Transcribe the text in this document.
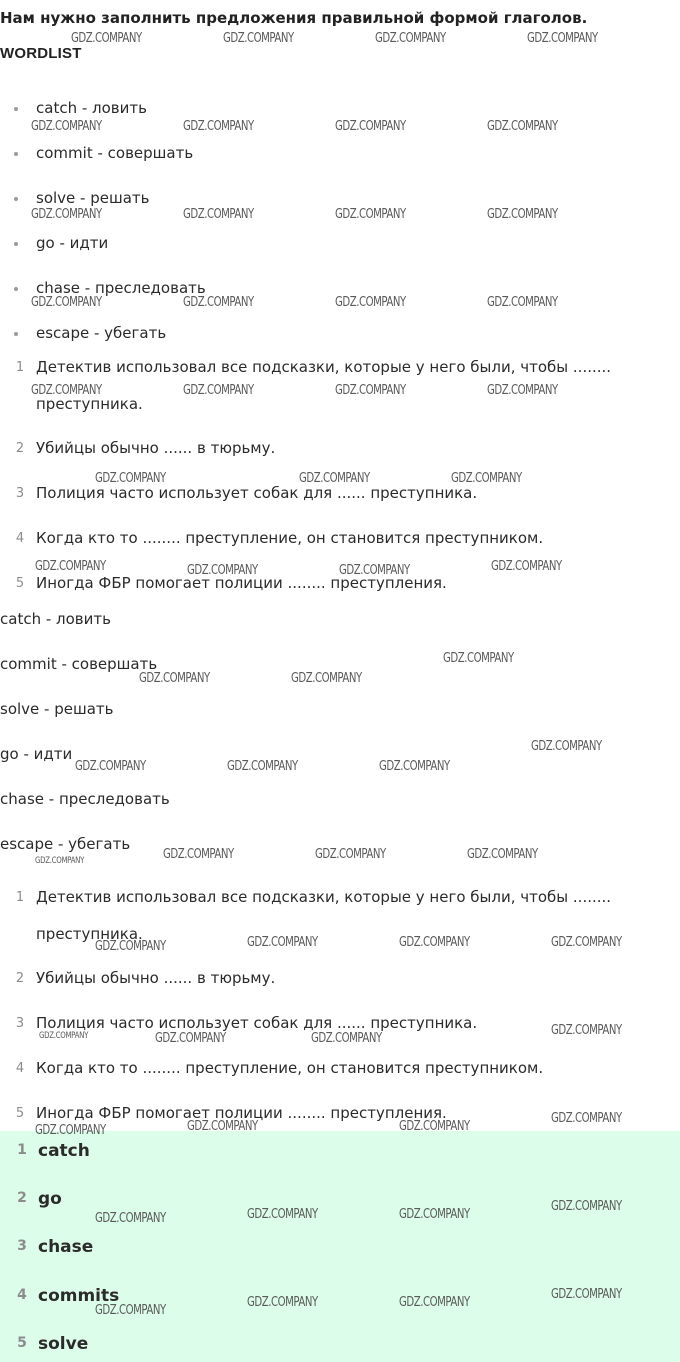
Нам нужно заполнить предложения правильной формой глаголов.
WORDLIST
catch - ловить
commit - совершать
solve - решать
go - идти
chase - преследовать
escape - убегать
1 Детектив использовал все подсказки, которые у него были, чтобы ........ преступника.
2 Убийцы обычно ...... в тюрьму.
3 Полиция часто использует собак для ...... преступника.
4 Когда кто то ........ преступление, он становится преступником.
5 Иногда ФБР помогает полиции ........ преступления.
catch - ловить
commit - совершать
solve - решать
go - идти
chase - преследовать
escape - убегать
1 Детектив использовал все подсказки, которые у него были, чтобы ........ преступника.
2 Убийцы обычно ...... в тюрьму.
3 Полиция часто использует собак для ...... преступника.
4 Когда кто то ........ преступление, он становится преступником.
5 Иногда ФБР помогает полиции ........ преступления.
1 catch
2 go
3 chase
4 commits
5 solve
GDZ.COMPANY	GDZ.COMPANY	GDZ.COMPANY	GDZ.COMPANY
GDZ.COMPANY	GDZ.COMPANY	GDZ.COMPANY	GDZ.COMPANY
GDZ.COMPANY	GDZ.COMPANY	GDZ.COMPANY	GDZ.COMPANY
GDZ.COMPANY	GDZ.COMPANY	GDZ.COMPANY	GDZ.COMPANY
GDZ.COMPANY	GDZ.COMPANY	GDZ.COMPANY	GDZ.COMPANY
GDZ.COMPANY	GDZ.COMPANY	GDZ.COMPANY
GDZ.COMPANY	GDZ.COMPANY	GDZ.COMPANY	GDZ.COMPANY
GDZ.COMPANY
GDZ.COMPANY	GDZ.COMPANY
GDZ.COMPANY
GDZ.COMPANY	GDZ.COMPANY	GDZ.COMPANY
GDZ.COMPANY	GDZ.COMPANY	GDZ.COMPANY	GDZ.COMPANY
GDZ.COMPANY	GDZ.COMPANY	GDZ.COMPANY	GDZ.COMPANY
GDZ.COMPANY	GDZ.COMPANY	GDZ.COMPANY
GDZ.COMPANY
GDZ.COMPANY	GDZ.COMPANY	GDZ.COMPANY
GDZ.COMPANY
GDZ.COMPANY	GDZ.COMPANY	GDZ.COMPANY
GDZ.COMPANY
GDZ.COMPANY
GDZ.COMPANY	GDZ.COMPANY
GDZ.COMPANY
